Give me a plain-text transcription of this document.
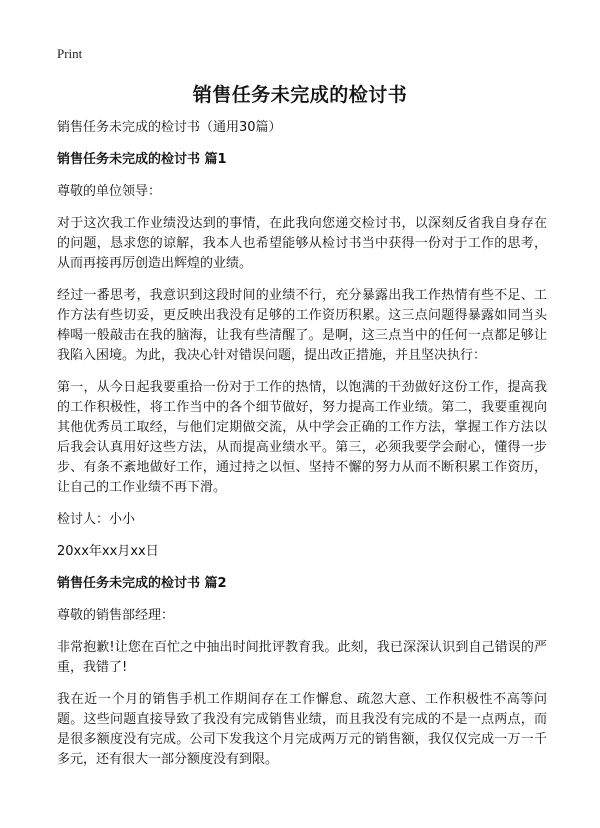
Print
销售任务未完成的检讨书

销售任务未完成的检讨书（通用30篇）

销售任务未完成的检讨书 篇1

尊敬的单位领导：

对于这次我工作业绩没达到的事情，在此我向您递交检讨书，以深刻反省我自身存在的问题，恳求您的谅解，我本人也希望能够从检讨书当中获得一份对于工作的思考，从而再接再厉创造出辉煌的业绩。

经过一番思考，我意识到这段时间的业绩不行，充分暴露出我工作热情有些不足、工作方法有些切妥，更反映出我没有足够的工作资历积累。这三点问题得暴露如同当头棒喝一般敲击在我的脑海，让我有些清醒了。是啊，这三点当中的任何一点都足够让我陷入困境。为此，我决心针对错误问题，提出改正措施，并且坚决执行：

第一，从今日起我要重拾一份对于工作的热情，以饱满的干劲做好这份工作，提高我的工作积极性，将工作当中的各个细节做好，努力提高工作业绩。第二，我要重视向其他优秀员工取经，与他们定期做交流，从中学会正确的工作方法，掌握工作方法以后我会认真用好这些方法，从而提高业绩水平。第三，必须我要学会耐心，懂得一步步、有条不紊地做好工作，通过持之以恒、坚持不懈的努力从而不断积累工作资历，让自己的工作业绩不再下滑。

检讨人：小小

20xx年xx月xx日

销售任务未完成的检讨书 篇2

尊敬的销售部经理：

非常抱歉!让您在百忙之中抽出时间批评教育我。此刻，我已深深认识到自己错误的严重，我错了!

我在近一个月的销售手机工作期间存在工作懈怠、疏忽大意、工作积极性不高等问题。这些问题直接导致了我没有完成销售业绩，而且我没有完成的不是一点两点，而是很多额度没有完成。公司下发我这个月完成两万元的销售额，我仅仅完成一万一千多元，还有很大一部分额度没有到限。
